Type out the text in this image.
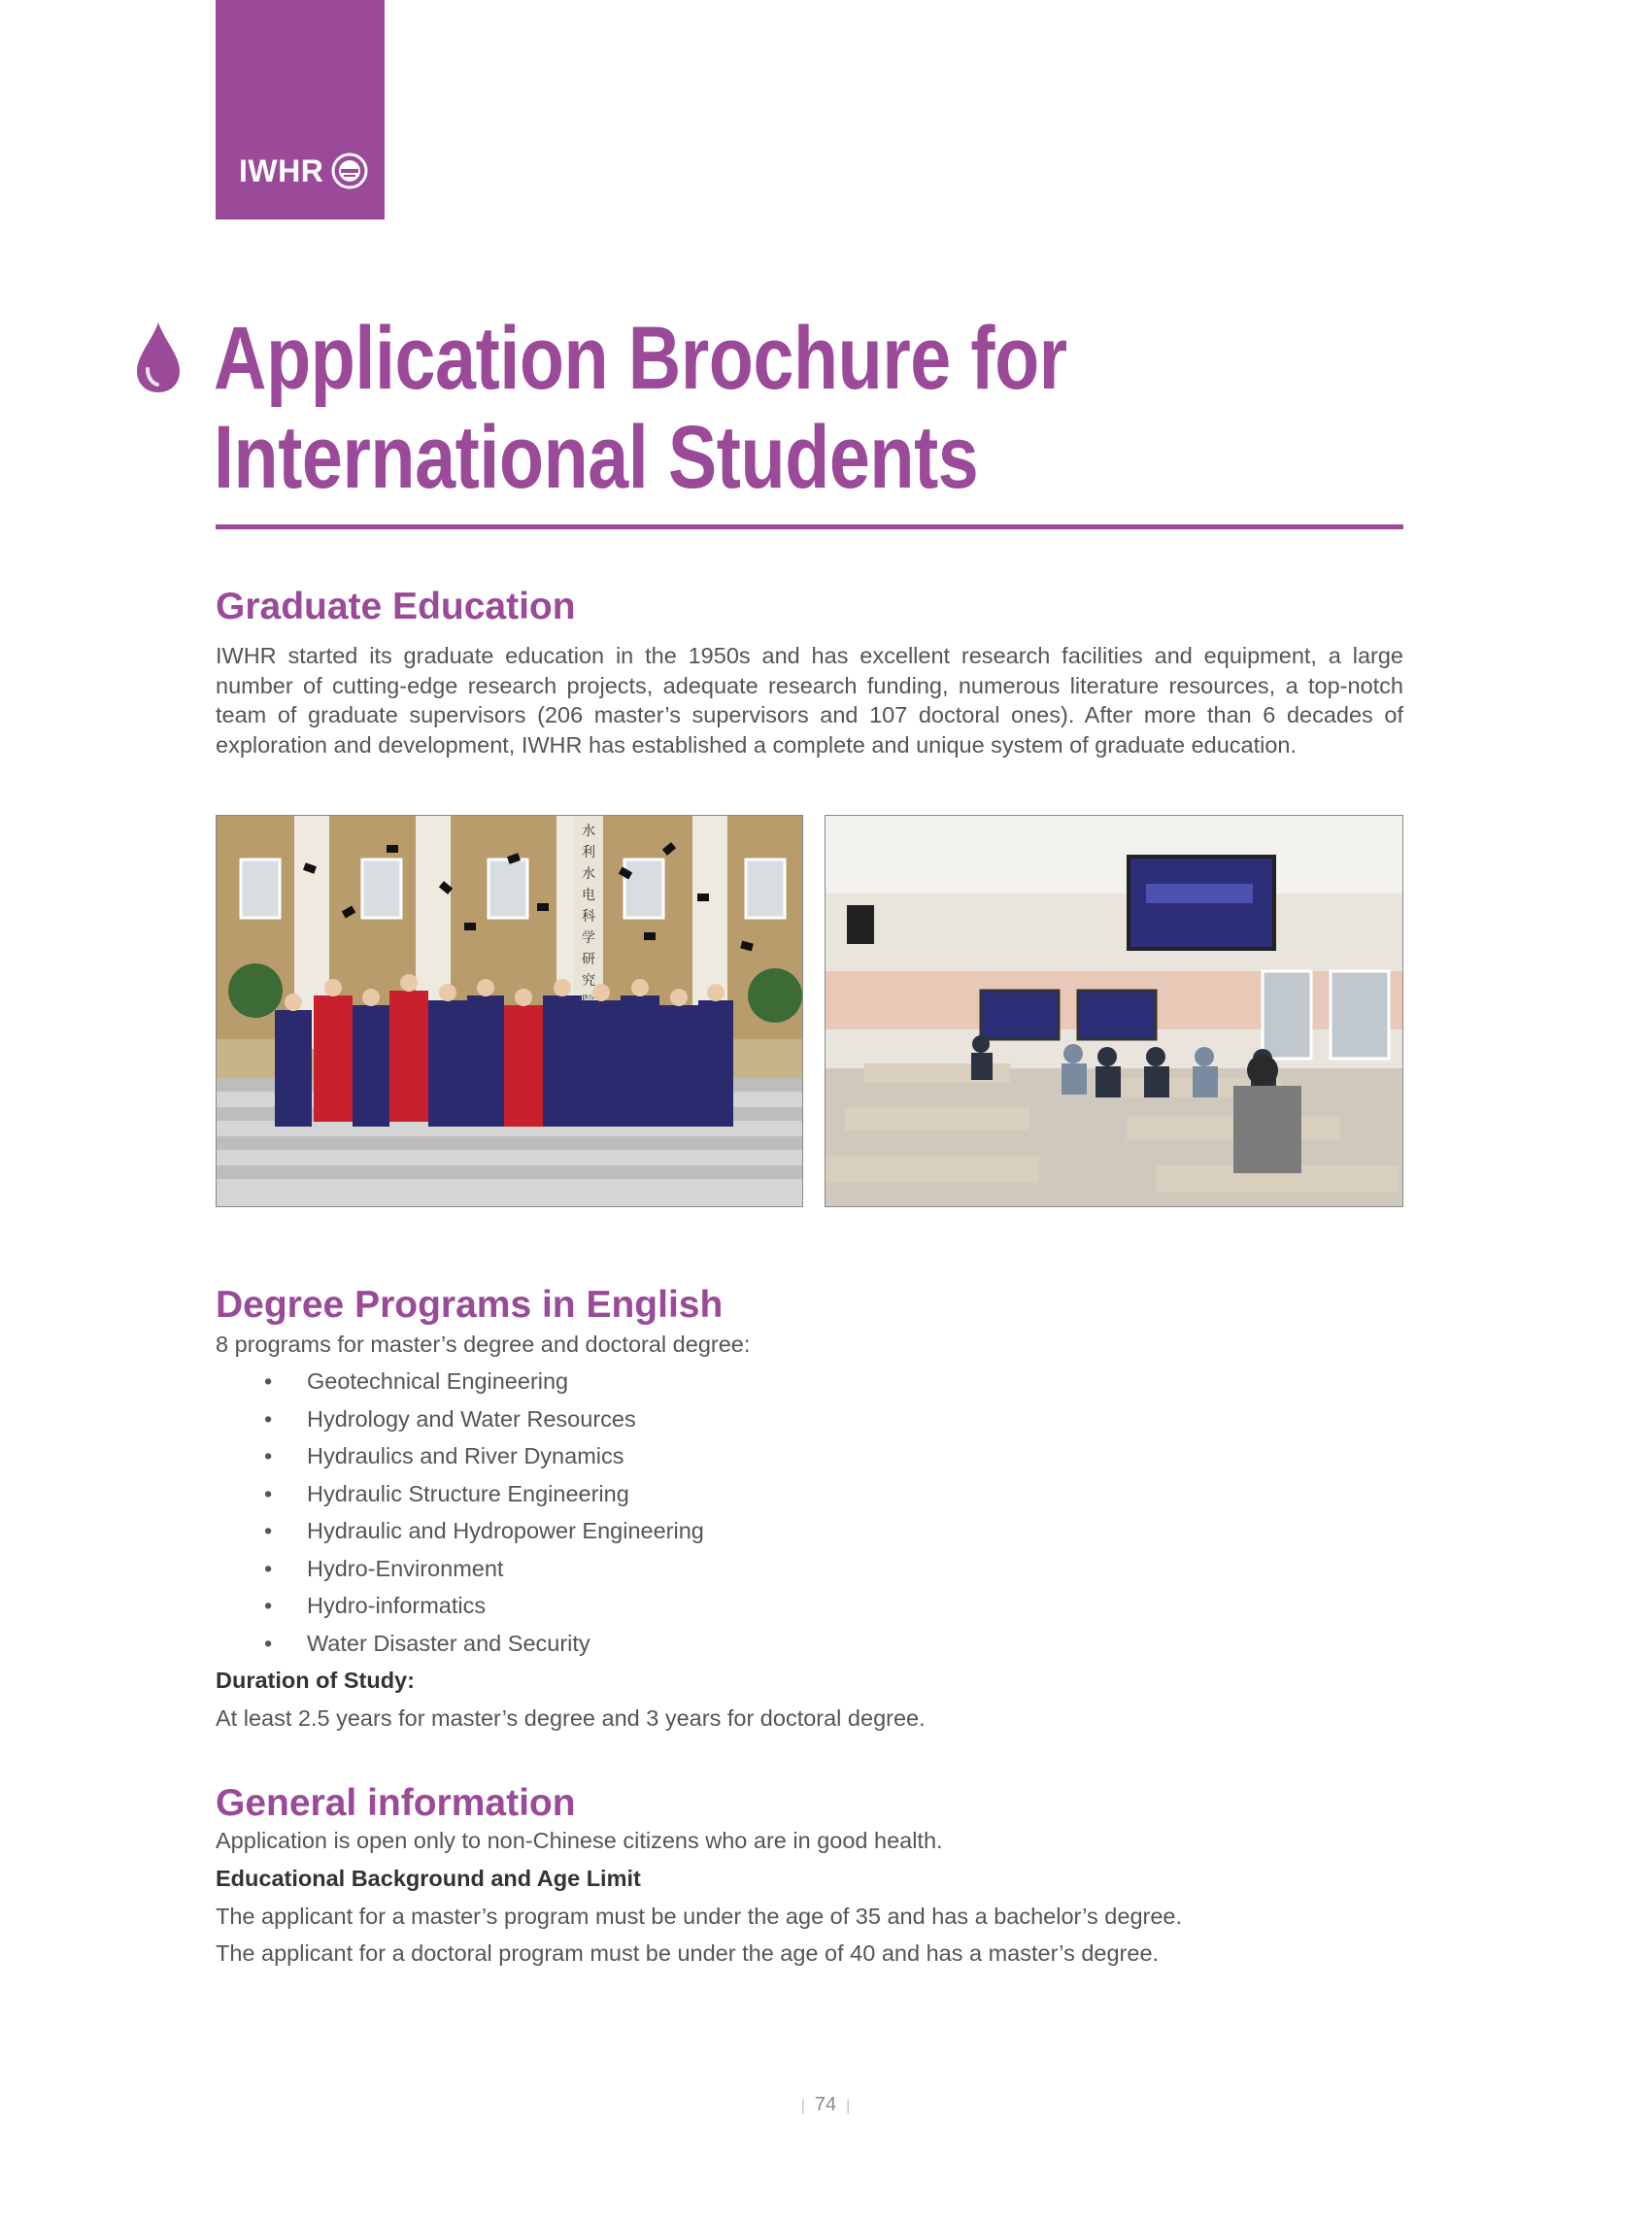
IWHR
Application Brochure for
International Students
Graduate Education
IWHR started its graduate education in the 1950s and has excellent research facilities and equipment, a large number of cutting-edge research projects, adequate research funding, numerous literature resources, a top-notch team of graduate supervisors (206 master’s supervisors and 107 doctoral ones). After more than 6 decades of exploration and development, IWHR has established a complete and unique system of graduate education.
水
利
水
电
科
学
研
究
Degree Programs in English
8 programs for master’s degree and doctoral degree:
• Geotechnical Engineering
• Hydrology and Water Resources
• Hydraulics and River Dynamics
• Hydraulic Structure Engineering
• Hydraulic and Hydropower Engineering
• Hydro-Environment
• Hydro-informatics
• Water Disaster and Security
Duration of Study:
At least 2.5 years for master’s degree and 3 years for doctoral degree.
General information
Application is open only to non-Chinese citizens who are in good health.
Educational Background and Age Limit
The applicant for a master’s program must be under the age of 35 and has a bachelor’s degree.
The applicant for a doctoral program must be under the age of 40 and has a master’s degree.
| 74 |
